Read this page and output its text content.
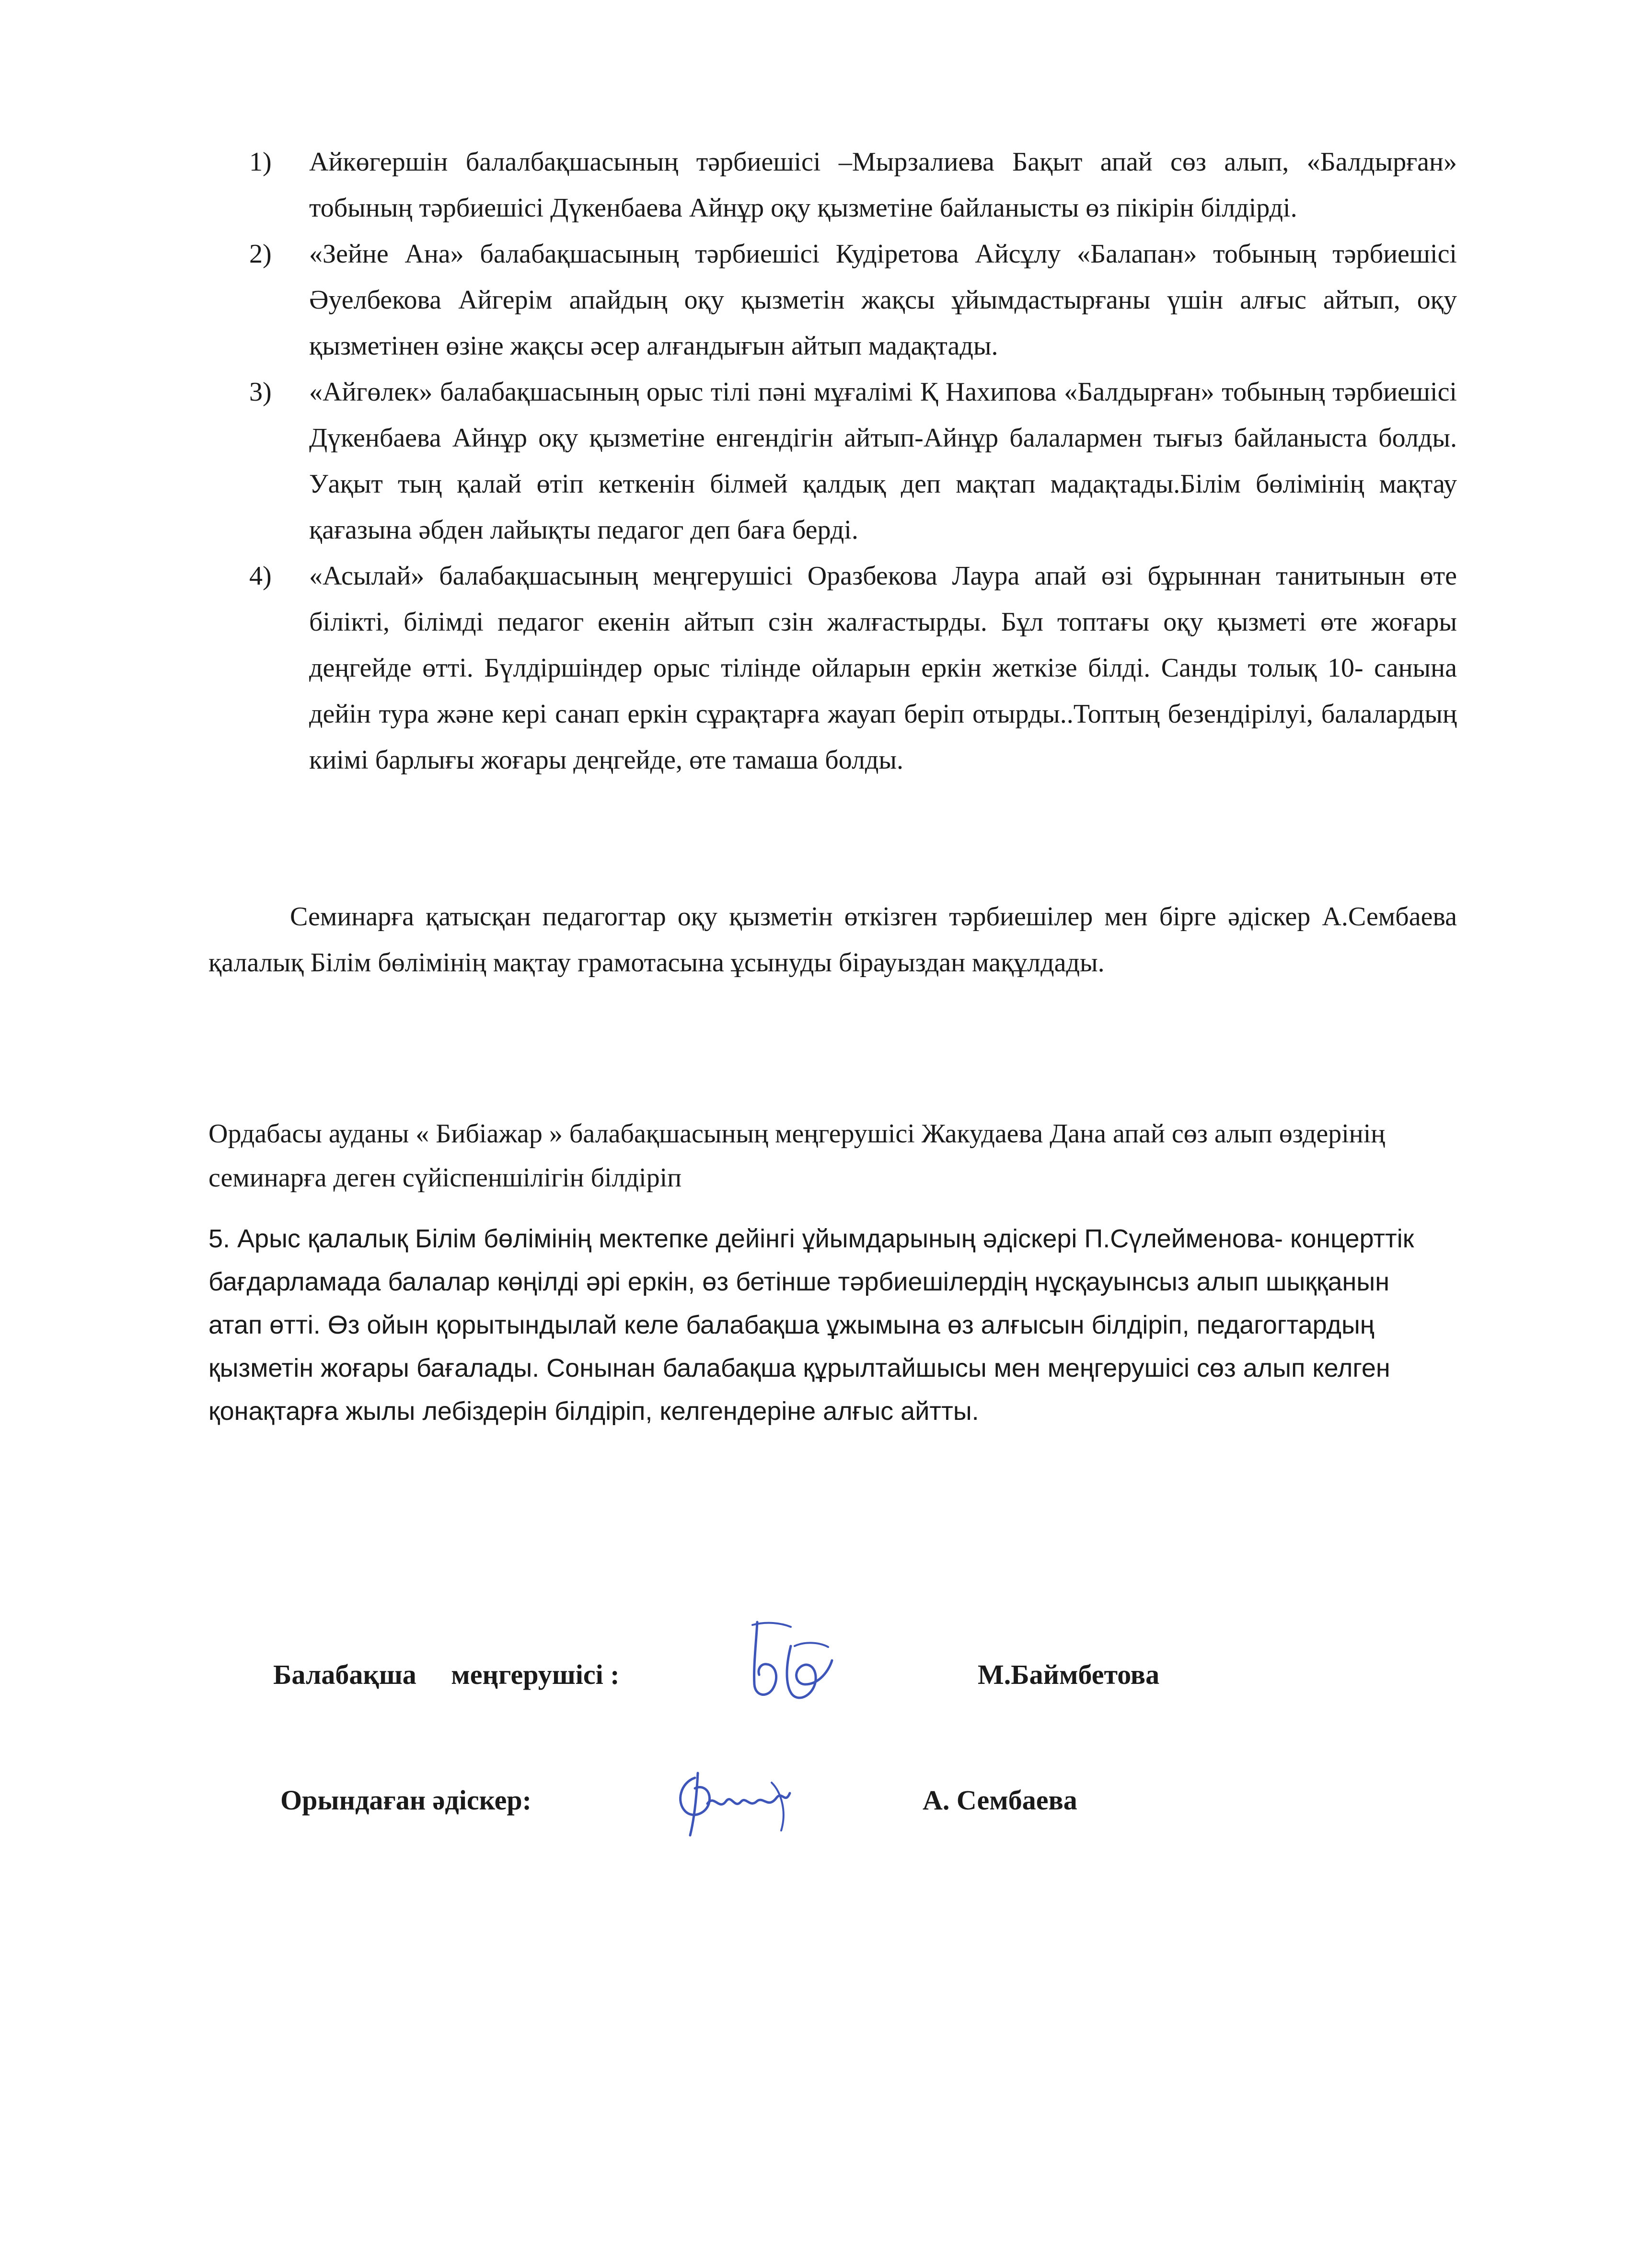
1) Айкөгершін балалбақшасының тәрбиешісі –Мырзалиева Бақыт апай сөз алып, «Балдырған» тобының тәрбиешісі Дүкенбаева Айнұр оқу қызметіне байланысты өз пікірін білдірді.
2) «Зейне Ана» балабақшасының тәрбиешісі Кудіретова Айсұлу «Балапан» тобының тәрбиешісі Әуелбекова Айгерім апайдың оқу қызметін жақсы ұйымдастырғаны үшін алғыс айтып, оқу қызметінен өзіне жақсы әсер алғандығын айтып мадақтады.
3) «Айгөлек» балабақшасының орыс тілі пәні мұғалімі Қ Нахипова «Балдырған» тобының тәрбиешісі Дүкенбаева Айнұр оқу қызметіне енгендігін айтып-Айнұр балалармен тығыз байланыста болды. Уақыт тың қалай өтіп кеткенін білмей қалдық деп мақтап мадақтады.Білім бөлімінің мақтау қағазына әбден лайықты педагог деп баға берді.
4) «Асылай» балабақшасының меңгерушісі Оразбекова Лаура апай өзі бұрыннан танитынын өте білікті, білімді педагог екенін айтып сзін жалғастырды. Бұл топтағы оқу қызметі өте жоғары деңгейде өтті. Бүлдіршіндер орыс тілінде ойларын еркін жеткізе білді. Санды толық 10- санына дейін тура және кері санап еркін сұрақтарға жауап беріп отырды..Топтың безендірілуі, балалардың киімі барлығы жоғары деңгейде, өте тамаша болды.

Семинарға қатысқан педагогтар оқу қызметін өткізген тәрбиешілер мен бірге әдіскер А.Сембаева қалалық Білім бөлімінің мақтау грамотасына ұсынуды бірауыздан мақұлдады.

Ордабасы ауданы « Бибіажар » балабақшасының меңгерушісі Жакудаева Дана апай сөз алып өздерінің семинарға деген сүйіспеншілігін білдіріп

5. Арыс қалалық Білім бөлімінің мектепке дейінгі ұйымдарының әдіскері П.Сүлейменова- концерттік бағдарламада балалар көңілді әрі еркін, өз бетінше тәрбиешілердің нұсқауынсыз алып шыққанын атап өтті. Өз ойын қорытындылай келе балабақша ұжымына өз алғысын білдіріп, педагогтардың қызметін жоғары бағалады. Сонынан балабақша құрылтайшысы мен меңгерушісі сөз алып келген қонақтарға жылы лебіздерін білдіріп, келгендеріне алғыс айтты.

Балабақша     меңгерушісі :	М.Баймбетова
Орындаған әдіскер:	А. Сембаева
